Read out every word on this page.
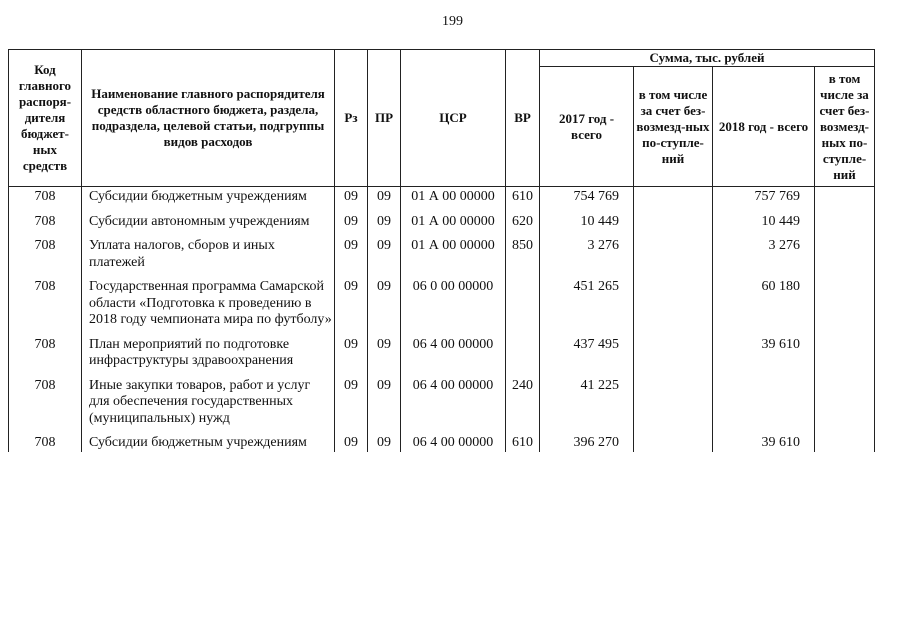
199
Код главного распоря-дителя бюджет-ных средств	Наименование главного распорядителя средств областного бюджета, раздела, подраздела, целевой статьи, подгруппы видов расходов	Рз	ПР	ЦСР	ВР	Сумма, тыс. рублей			
						2017 год - всего	в том числе за счет без-возмезд-ных по-ступле-ний	2018 год - всего	в том числе за счет без-возмезд-ных по-ступле-ний
708	Субсидии бюджетным учреждениям	09	09	01 А 00 00000	610	754 769		757 769	

708	Субсидии автономным учреждениям	09	09	01 А 00 00000	620	10 449		10 449	

708	Уплата налогов, сборов и иных платежей	09	09	01 А 00 00000	850	3 276		3 276	

708	Государственная программа Самарской области «Подготовка к проведению в 2018 году чемпионата мира по футболу»	09	09	06 0 00 00000		451 265		60 180	

708	План мероприятий по подготовке инфраструктуры здравоохранения	09	09	06 4 00 00000		437 495		39 610	

708	Иные закупки товаров, работ и услуг для обеспечения государственных (муниципальных) нужд	09	09	06 4 00 00000	240	41 225			

708	Субсидии бюджетным учреждениям	09	09	06 4 00 00000	610	396 270		39 610	
